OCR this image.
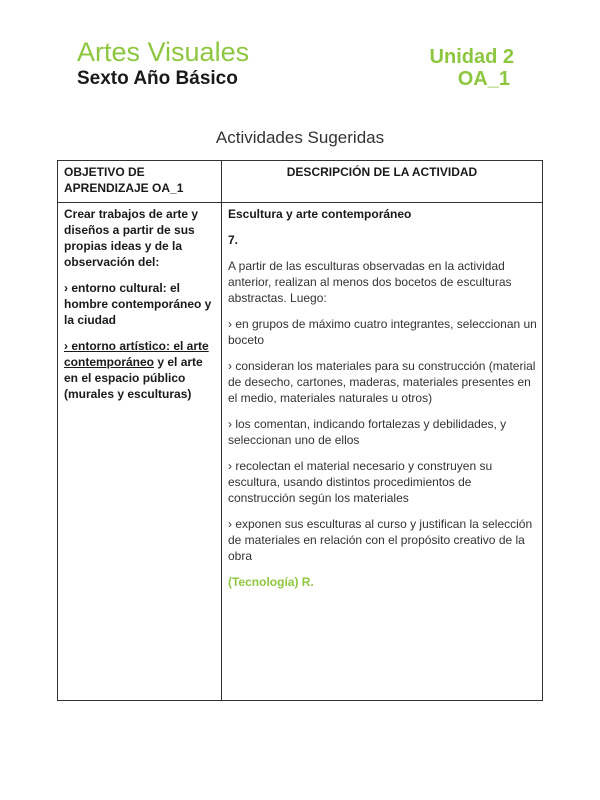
Artes Visuales	Unidad 2
Sexto Año Básico	OA_1
Actividades Sugeridas
OBJETIVO DE APRENDIZAJE OA_1
DESCRIPCIÓN DE LA ACTIVIDAD

Crear trabajos de arte y diseños a partir de sus propias ideas y de la observación del:

› entorno cultural: el hombre contemporáneo y la ciudad

› entorno artístico: el arte contemporáneo y el arte en el espacio público (murales y esculturas)

Escultura y arte contemporáneo

7.

A partir de las esculturas observadas en la actividad anterior, realizan al menos dos bocetos de esculturas abstractas. Luego:

› en grupos de máximo cuatro integrantes, seleccionan un boceto

› consideran los materiales para su construcción (material de desecho, cartones, maderas, materiales presentes en el medio, materiales naturales u otros)

› los comentan, indicando fortalezas y debilidades, y seleccionan uno de ellos

› recolectan el material necesario y construyen su escultura, usando distintos procedimientos de construcción según los materiales

› exponen sus esculturas al curso y justifican la selección de materiales en relación con el propósito creativo de la obra

(Tecnología) R.
